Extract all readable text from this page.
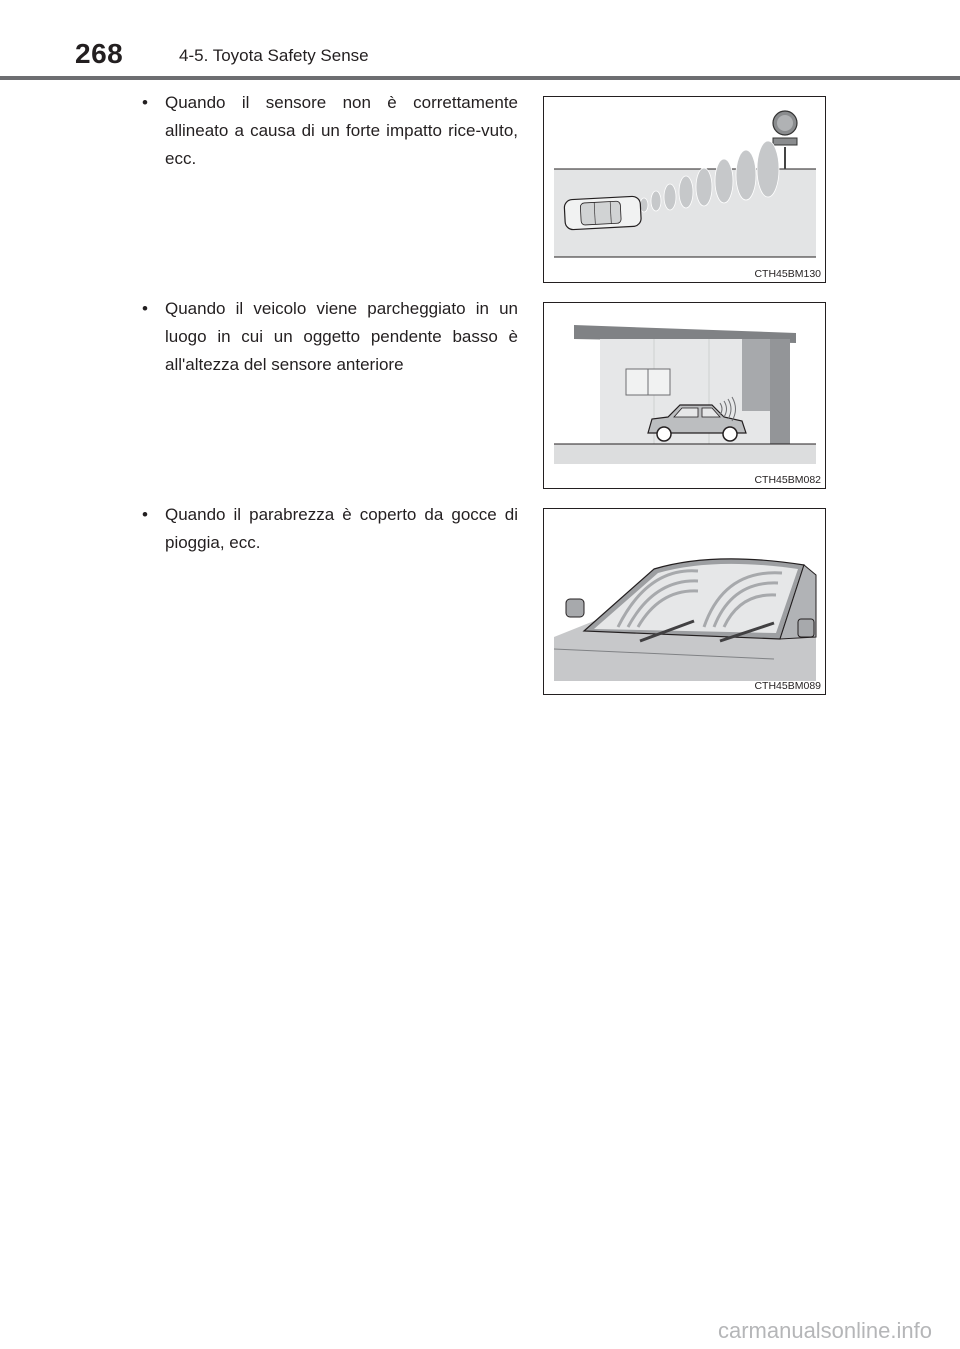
268	4-5. Toyota Safety Sense
• Quando il sensore non è correttamente allineato a causa di un forte impatto rice-vuto, ecc.
CTH45BM130
• Quando il veicolo viene parcheggiato in un luogo in cui un oggetto pendente basso è all'altezza del sensore anteriore
CTH45BM082
• Quando il parabrezza è coperto da gocce di pioggia, ecc.
CTH45BM089
carmanualsonline.info
